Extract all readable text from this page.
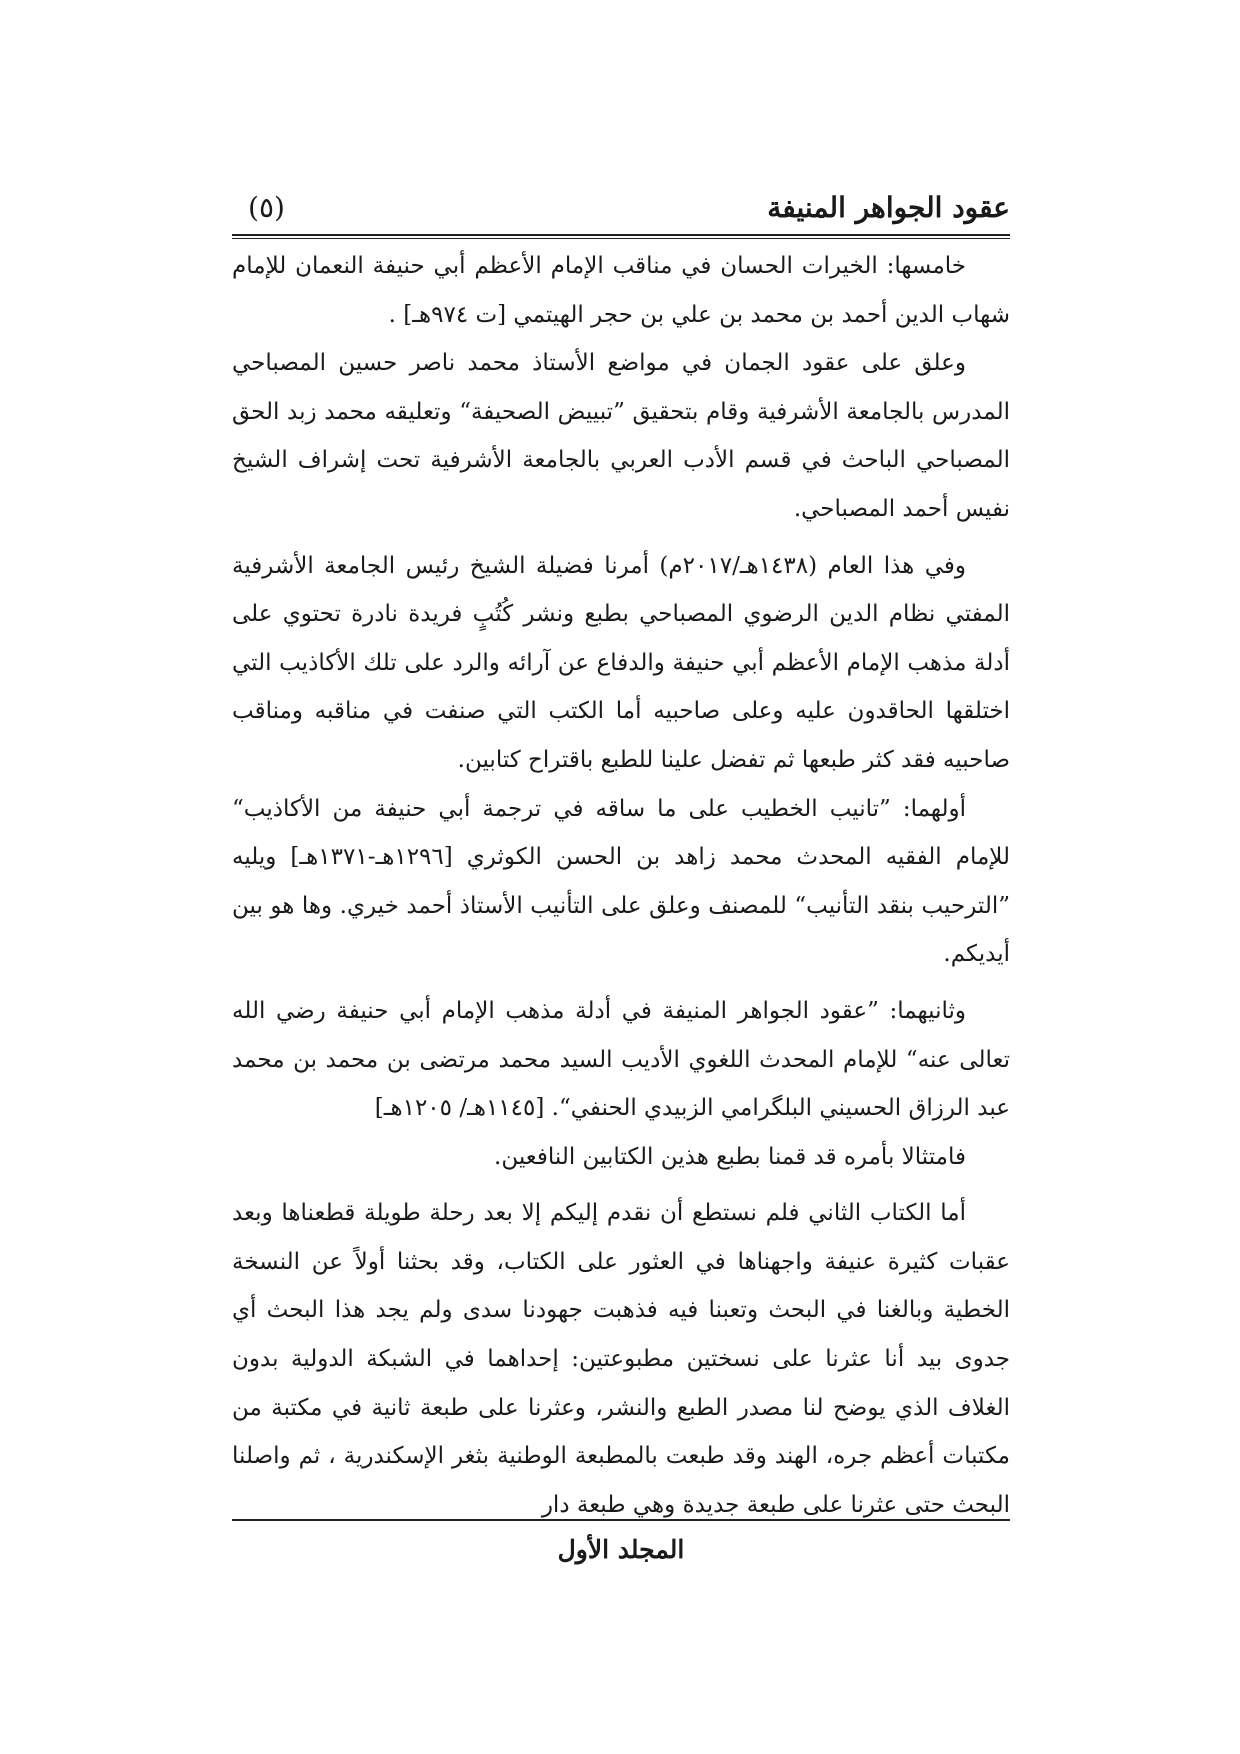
عقود الجواهر المنيفة
(٥)

خامسها: الخيرات الحسان في مناقب الإمام الأعظم أبي حنيفة النعمان للإمام شهاب الدين أحمد بن محمد بن علي بن حجر الهيتمي [ت ٩٧٤هـ] .

وعلق على عقود الجمان في مواضع الأستاذ محمد ناصر حسين المصباحي المدرس بالجامعة الأشرفية وقام بتحقيق ”تبييض الصحيفة“ وتعليقه محمد زبد الحق المصباحي الباحث في قسم الأدب العربي بالجامعة الأشرفية تحت إشراف الشيخ نفيس أحمد المصباحي.

وفي هذا العام (١٤٣٨هـ/٢٠١٧م) أمرنا فضيلة الشيخ رئيس الجامعة الأشرفية المفتي نظام الدين الرضوي المصباحي بطبع ونشر كُتُبٍ فريدة نادرة تحتوي على أدلة مذهب الإمام الأعظم أبي حنيفة والدفاع عن آرائه والرد على تلك الأكاذيب التي اختلقها الحاقدون عليه وعلى صاحبيه أما الكتب التي صنفت في مناقبه ومناقب صاحبيه فقد كثر طبعها ثم تفضل علينا للطبع باقتراح كتابين.

أولهما: ”تانيب الخطيب على ما ساقه في ترجمة أبي حنيفة من الأكاذيب“ للإمام الفقيه المحدث محمد زاهد بن الحسن الكوثري [١٢٩٦هـ-١٣٧١هـ] ويليه ”الترحيب بنقد التأنيب“ للمصنف وعلق على التأنيب الأستاذ أحمد خيري. وها هو بين أيديكم.

وثانيهما: ”عقود الجواهر المنيفة في أدلة مذهب الإمام أبي حنيفة رضي الله تعالى عنه“ للإمام المحدث اللغوي الأديب السيد محمد مرتضى بن محمد بن محمد عبد الرزاق الحسيني البلگرامي الزبيدي الحنفي“. [١١٤٥هـ/ ١٢٠٥هـ]

فامتثالا بأمره قد قمنا بطبع هذين الكتابين النافعين.

أما الكتاب الثاني فلم نستطع أن نقدم إليكم إلا بعد رحلة طويلة قطعناها وبعد عقبات كثيرة عنيفة واجهناها في العثور على الكتاب، وقد بحثنا أولاً عن النسخة الخطية وبالغنا في البحث وتعبنا فيه فذهبت جهودنا سدى ولم يجد هذا البحث أي جدوى بيد أنا عثرنا على نسختين مطبوعتين: إحداهما في الشبكة الدولية بدون الغلاف الذي يوضح لنا مصدر الطبع والنشر، وعثرنا على طبعة ثانية في مكتبة من مكتبات أعظم جره، الهند وقد طبعت بالمطبعة الوطنية بثغر الإسكندرية ، ثم واصلنا البحث حتى عثرنا على طبعة جديدة وهي طبعة دار

المجلد الأول
